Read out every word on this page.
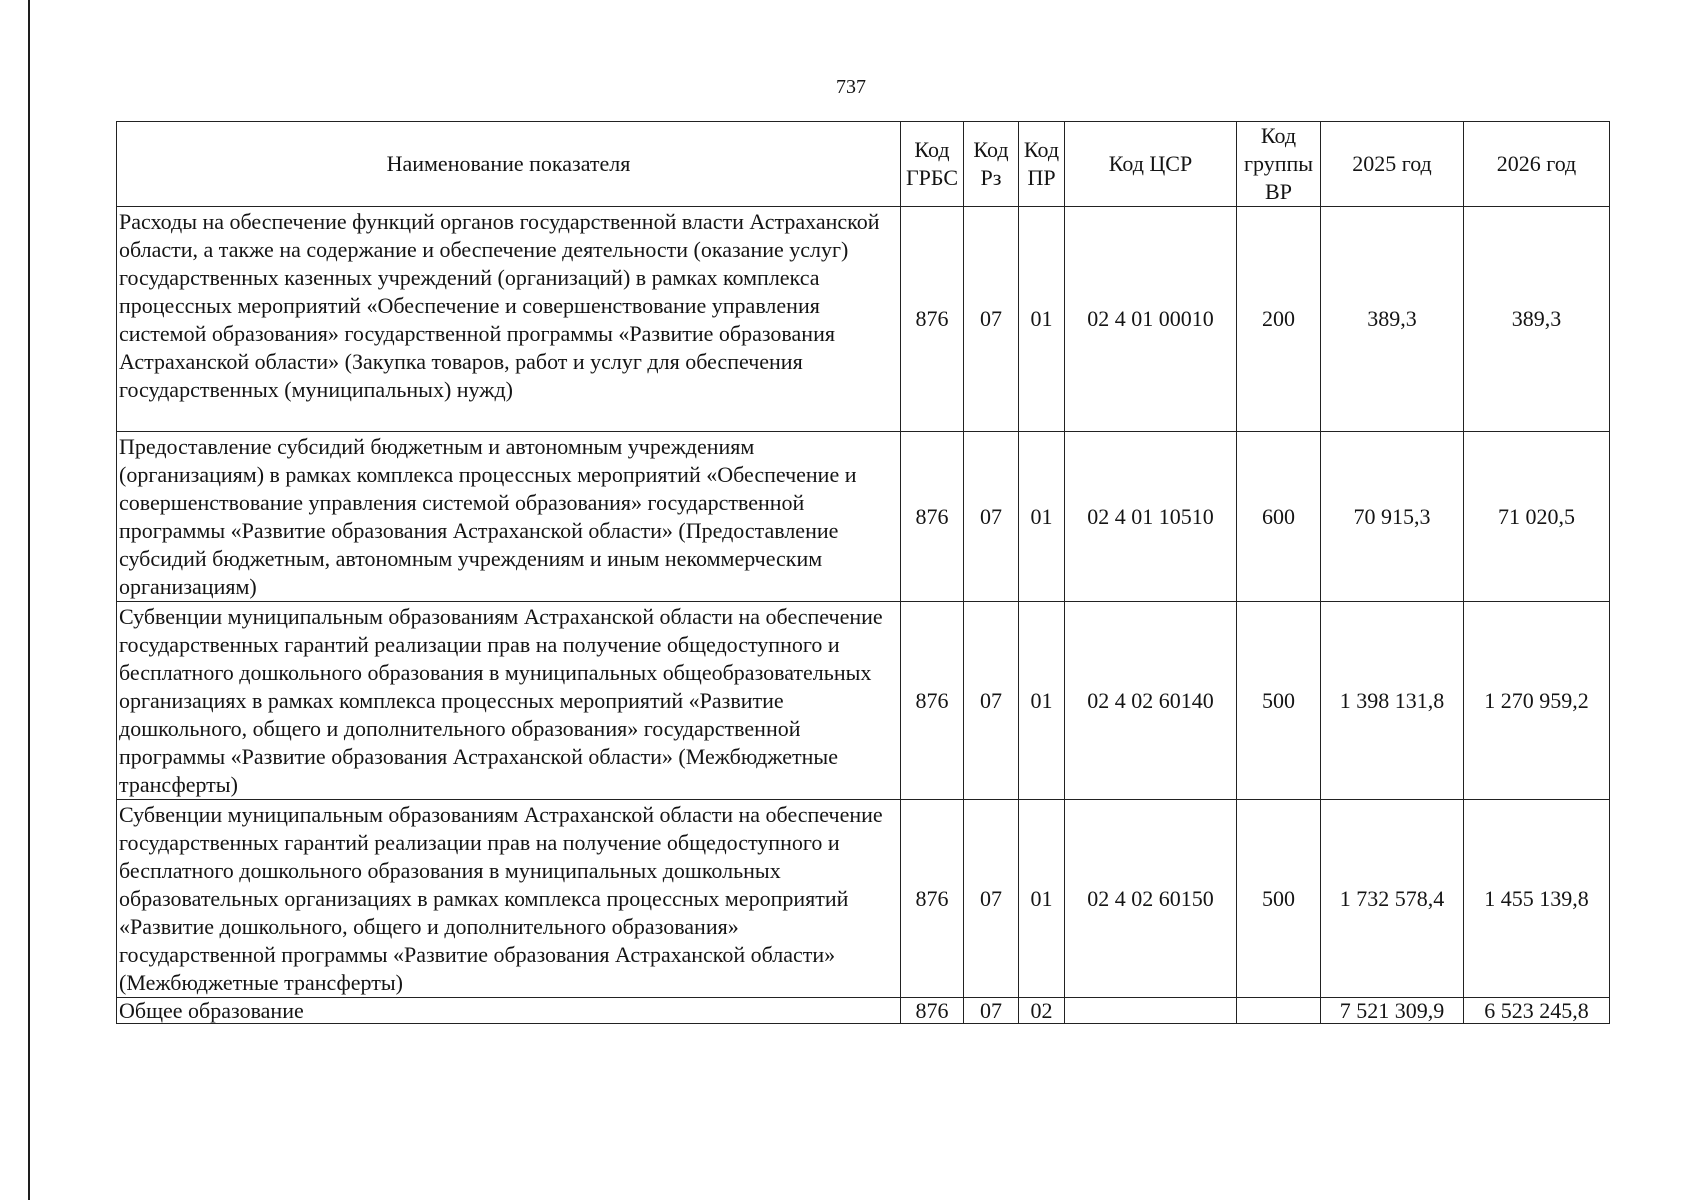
737
Наименование показателя	Код ГРБС	Код Рз	Код ПР	Код ЦСР	Код группы ВР	2025 год	2026 год
Расходы на обеспечение функций органов государственной власти Астраханской области, а также на содержание и обеспечение деятельности (оказание услуг) государственных казенных учреждений (организаций) в рамках комплекса процессных мероприятий «Обеспечение и совершенствование управления системой образования» государственной программы «Развитие образования Астраханской области» (Закупка товаров, работ и услуг для обеспечения государственных (муниципальных) нужд)	876	07	01	02 4 01 00010	200	389,3	389,3
Предоставление субсидий бюджетным и автономным учреждениям (организациям) в рамках комплекса процессных мероприятий «Обеспечение и совершенствование управления системой образования» государственной программы «Развитие образования Астраханской области» (Предоставление субсидий бюджетным, автономным учреждениям и иным некоммерческим организациям)	876	07	01	02 4 01 10510	600	70 915,3	71 020,5
Субвенции муниципальным образованиям Астраханской области на обеспечение государственных гарантий реализации прав на получение общедоступного и бесплатного дошкольного образования в муниципальных общеобразовательных организациях в рамках комплекса процессных мероприятий «Развитие дошкольного, общего и дополнительного образования» государственной программы «Развитие образования Астраханской области» (Межбюджетные трансферты)	876	07	01	02 4 02 60140	500	1 398 131,8	1 270 959,2
Субвенции муниципальным образованиям Астраханской области на обеспечение государственных гарантий реализации прав на получение общедоступного и бесплатного дошкольного образования в муниципальных дошкольных образовательных организациях в рамках комплекса процессных мероприятий «Развитие дошкольного, общего и дополнительного образования» государственной программы «Развитие образования Астраханской области» (Межбюджетные трансферты)	876	07	01	02 4 02 60150	500	1 732 578,4	1 455 139,8
Общее образование	876	07	02			7 521 309,9	6 523 245,8
